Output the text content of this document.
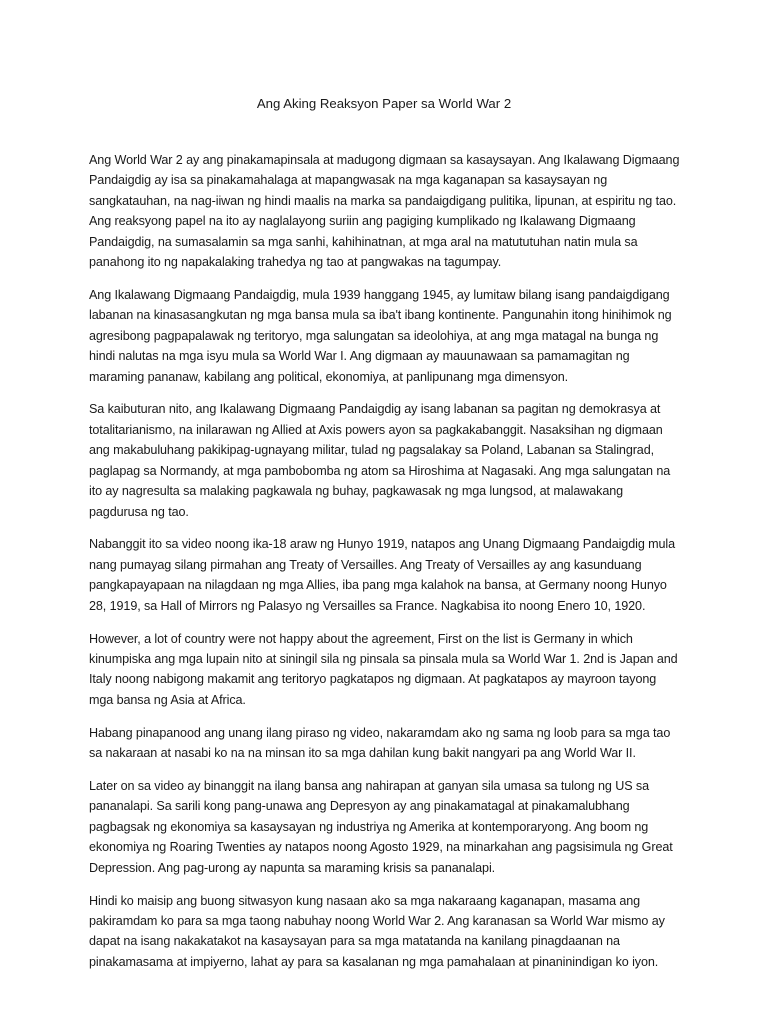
Ang Aking Reaksyon Paper sa World War 2

Ang World War 2 ay ang pinakamapinsala at madugong digmaan sa kasaysayan. Ang Ikalawang Digmaang Pandaigdig ay isa sa pinakamahalaga at mapangwasak na mga kaganapan sa kasaysayan ng sangkatauhan, na nag-iiwan ng hindi maalis na marka sa pandaigdigang pulitika, lipunan, at espiritu ng tao. Ang reaksyong papel na ito ay naglalayong suriin ang pagiging kumplikado ng Ikalawang Digmaang Pandaigdig, na sumasalamin sa mga sanhi, kahihinatnan, at mga aral na matututuhan natin mula sa panahong ito ng napakalaking trahedya ng tao at pangwakas na tagumpay.

Ang Ikalawang Digmaang Pandaigdig, mula 1939 hanggang 1945, ay lumitaw bilang isang pandaigdigang labanan na kinasasangkutan ng mga bansa mula sa iba't ibang kontinente. Pangunahin itong hinihimok ng agresibong pagpapalawak ng teritoryo, mga salungatan sa ideolohiya, at ang mga matagal na bunga ng hindi nalutas na mga isyu mula sa World War I. Ang digmaan ay mauunawaan sa pamamagitan ng maraming pananaw, kabilang ang political, ekonomiya, at panlipunang mga dimensyon.

Sa kaibuturan nito, ang Ikalawang Digmaang Pandaigdig ay isang labanan sa pagitan ng demokrasya at totalitarianismo, na inilarawan ng Allied at Axis powers ayon sa pagkakabanggit. Nasaksihan ng digmaan ang makabuluhang pakikipag-ugnayang militar, tulad ng pagsalakay sa Poland, Labanan sa Stalingrad, paglapag sa Normandy, at mga pambobomba ng atom sa Hiroshima at Nagasaki. Ang mga salungatan na ito ay nagresulta sa malaking pagkawala ng buhay, pagkawasak ng mga lungsod, at malawakang pagdurusa ng tao.

Nabanggit ito sa video noong ika-18 araw ng Hunyo 1919, natapos ang Unang Digmaang Pandaigdig mula nang pumayag silang pirmahan ang Treaty of Versailles. Ang Treaty of Versailles ay ang kasunduang pangkapayapaan na nilagdaan ng mga Allies, iba pang mga kalahok na bansa, at Germany noong Hunyo 28, 1919, sa Hall of Mirrors ng Palasyo ng Versailles sa France. Nagkabisa ito noong Enero 10, 1920.

However, a lot of country were not happy about the agreement, First on the list is Germany in which kinumpiska ang mga lupain nito at siningil sila ng pinsala sa pinsala mula sa World War 1. 2nd is Japan and Italy noong nabigong makamit ang teritoryo pagkatapos ng digmaan. At pagkatapos ay mayroon tayong mga bansa ng Asia at Africa.

Habang pinapanood ang unang ilang piraso ng video, nakaramdam ako ng sama ng loob para sa mga tao sa nakaraan at nasabi ko na na minsan ito sa mga dahilan kung bakit nangyari pa ang World War II.

Later on sa video ay binanggit na ilang bansa ang nahirapan at ganyan sila umasa sa tulong ng US sa pananalapi. Sa sarili kong pang-unawa ang Depresyon ay ang pinakamatagal at pinakamalubhang pagbagsak ng ekonomiya sa kasaysayan ng industriya ng Amerika at kontemporaryong. Ang boom ng ekonomiya ng Roaring Twenties ay natapos noong Agosto 1929, na minarkahan ang pagsisimula ng Great Depression. Ang pag-urong ay napunta sa maraming krisis sa pananalapi.

Hindi ko maisip ang buong sitwasyon kung nasaan ako sa mga nakaraang kaganapan, masama ang pakiramdam ko para sa mga taong nabuhay noong World War 2. Ang karanasan sa World War mismo ay dapat na isang nakakatakot na kasaysayan para sa mga matatanda na kanilang pinagdaanan na pinakamasama at impiyerno, lahat ay para sa kasalanan ng mga pamahalaan at pinaninindigan ko iyon.
